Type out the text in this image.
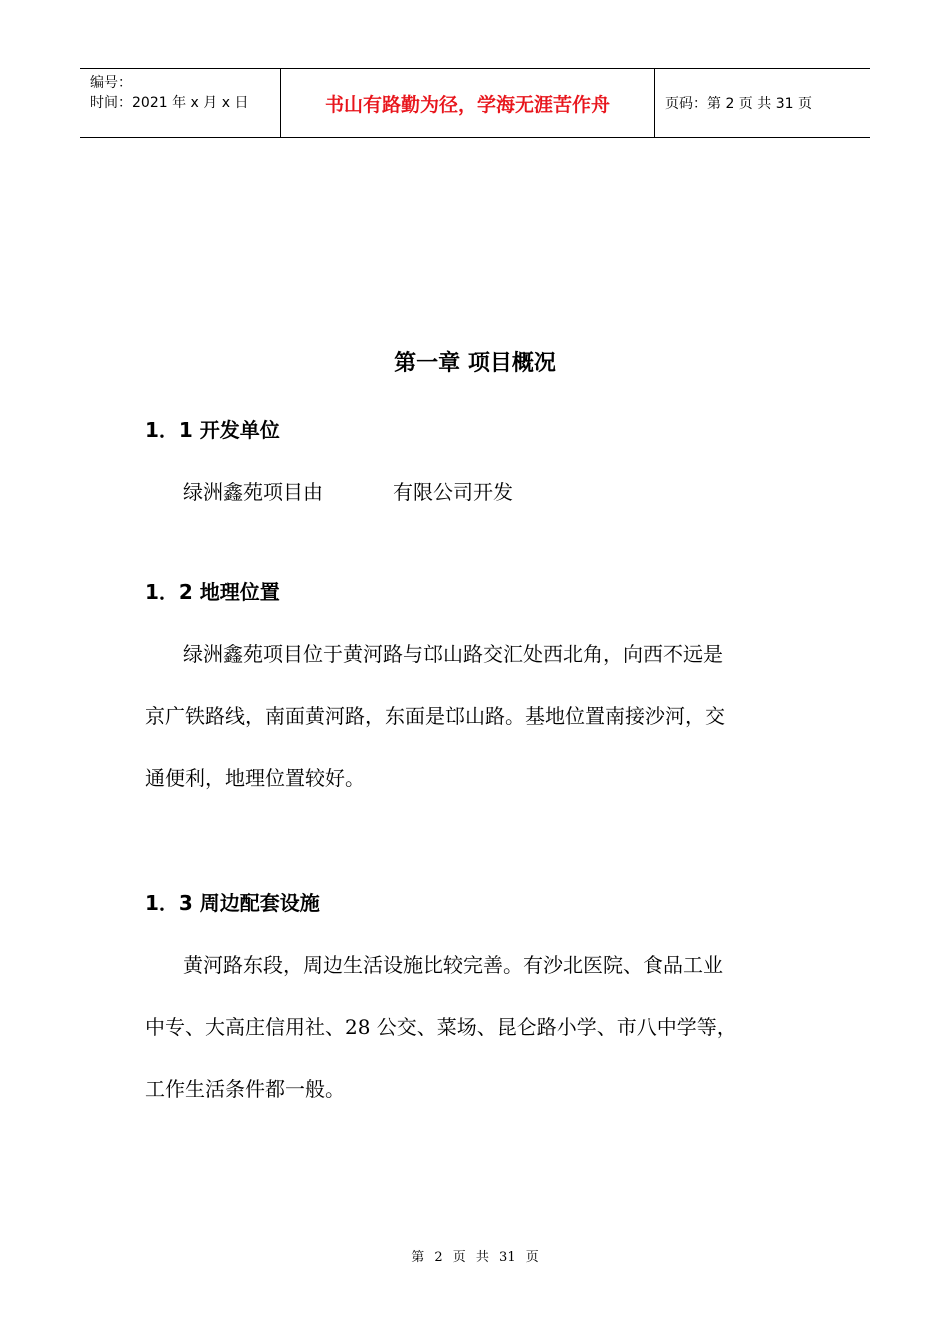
编号：
时间：2021 年 x 月 x 日	书山有路勤为径，学海无涯苦作舟	页码：第 2 页 共 31 页
第一章 项目概况
1．1 开发单位
绿洲鑫苑项目由	有限公司开发
1．2 地理位置
绿洲鑫苑项目位于黄河路与邙山路交汇处西北角，向西不远是
京广铁路线，南面黄河路，东面是邙山路。基地位置南接沙河，交
通便利，地理位置较好。
1．3 周边配套设施
黄河路东段，周边生活设施比较完善。有沙北医院、食品工业
中专、大高庄信用社、28 公交、菜场、昆仑路小学、市八中学等，
工作生活条件都一般。
第 2 页 共 31 页
